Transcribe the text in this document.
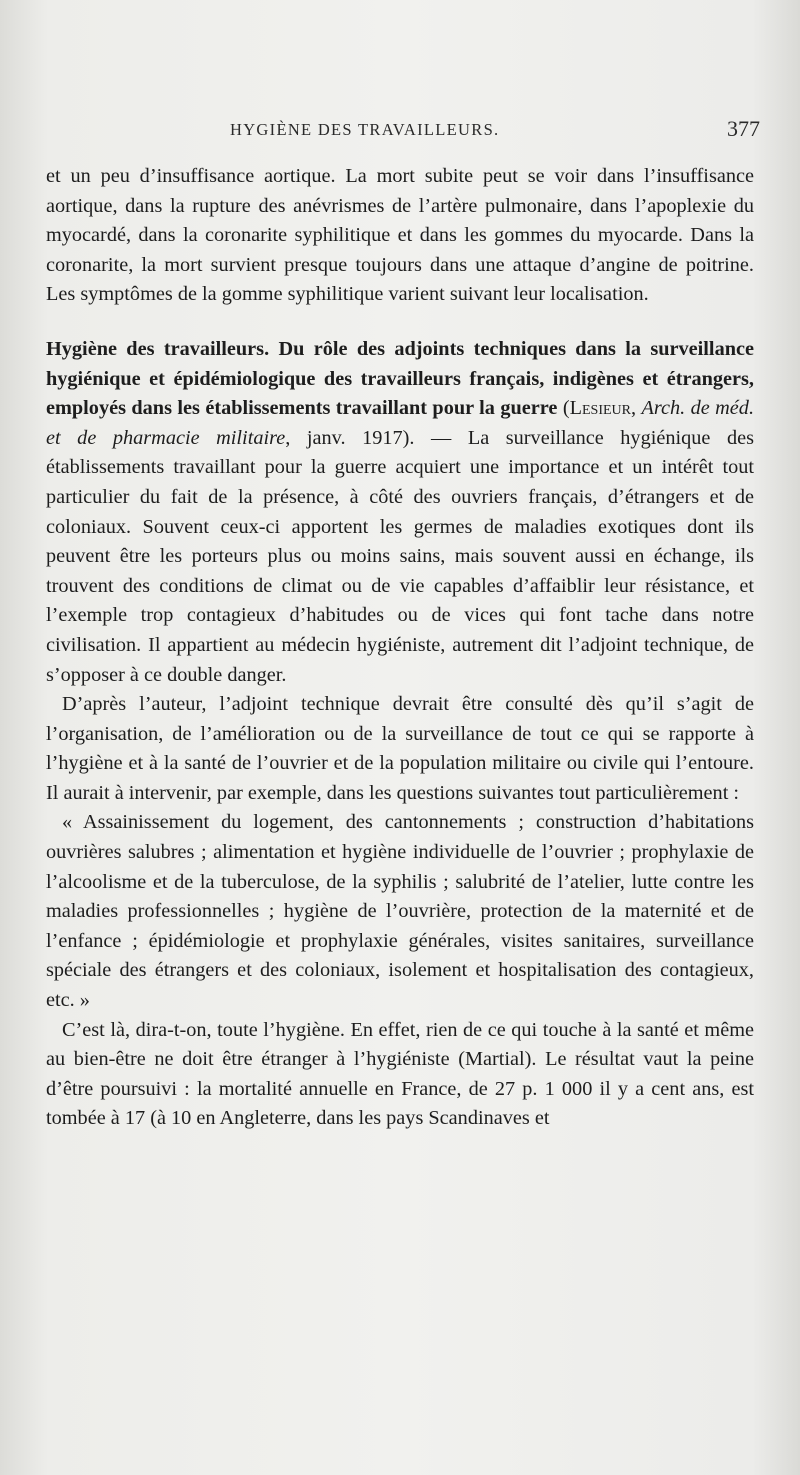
HYGIÈNE DES TRAVAILLEURS.	377

et un peu d’insuffisance aortique. La mort subite peut se voir dans l’insuffisance aortique, dans la rupture des anévrismes de l’artère pulmonaire, dans l’apoplexie du myocardé, dans la coronarite syphilitique et dans les gommes du myocarde. Dans la coronarite, la mort survient presque toujours dans une attaque d’angine de poitrine. Les symptômes de la gomme syphilitique varient suivant leur localisation.

Hygiène des travailleurs. Du rôle des adjoints techniques dans la surveillance hygiénique et épidémiologique des travailleurs français, indigènes et étrangers, employés dans les établissements travaillant pour la guerre (Lesieur, Arch. de méd. et de pharmacie militaire, janv. 1917). — La surveillance hygiénique des établissements travaillant pour la guerre acquiert une importance et un intérêt tout particulier du fait de la présence, à côté des ouvriers français, d’étrangers et de coloniaux. Souvent ceux-ci apportent les germes de maladies exotiques dont ils peuvent être les porteurs plus ou moins sains, mais souvent aussi en échange, ils trouvent des conditions de climat ou de vie capables d’affaiblir leur résistance, et l’exemple trop contagieux d’habitudes ou de vices qui font tache dans notre civilisation. Il appartient au médecin hygiéniste, autrement dit l’adjoint technique, de s’opposer à ce double danger.

D’après l’auteur, l’adjoint technique devrait être consulté dès qu’il s’agit de l’organisation, de l’amélioration ou de la surveillance de tout ce qui se rapporte à l’hygiène et à la santé de l’ouvrier et de la population militaire ou civile qui l’entoure. Il aurait à intervenir, par exemple, dans les questions suivantes tout particulièrement :

« Assainissement du logement, des cantonnements ; construction d’habitations ouvrières salubres ; alimentation et hygiène individuelle de l’ouvrier ; prophylaxie de l’alcoolisme et de la tuberculose, de la syphilis ; salubrité de l’atelier, lutte contre les maladies professionnelles ; hygiène de l’ouvrière, protection de la maternité et de l’enfance ; épidémiologie et prophylaxie générales, visites sanitaires, surveillance spéciale des étrangers et des coloniaux, isolement et hospitalisation des contagieux, etc. »

C’est là, dira-t-on, toute l’hygiène. En effet, rien de ce qui touche à la santé et même au bien-être ne doit être étranger à l’hygiéniste (Martial). Le résultat vaut la peine d’être poursuivi : la mortalité annuelle en France, de 27 p. 1 000 il y a cent ans, est tombée à 17 (à 10 en Angleterre, dans les pays Scandinaves et
